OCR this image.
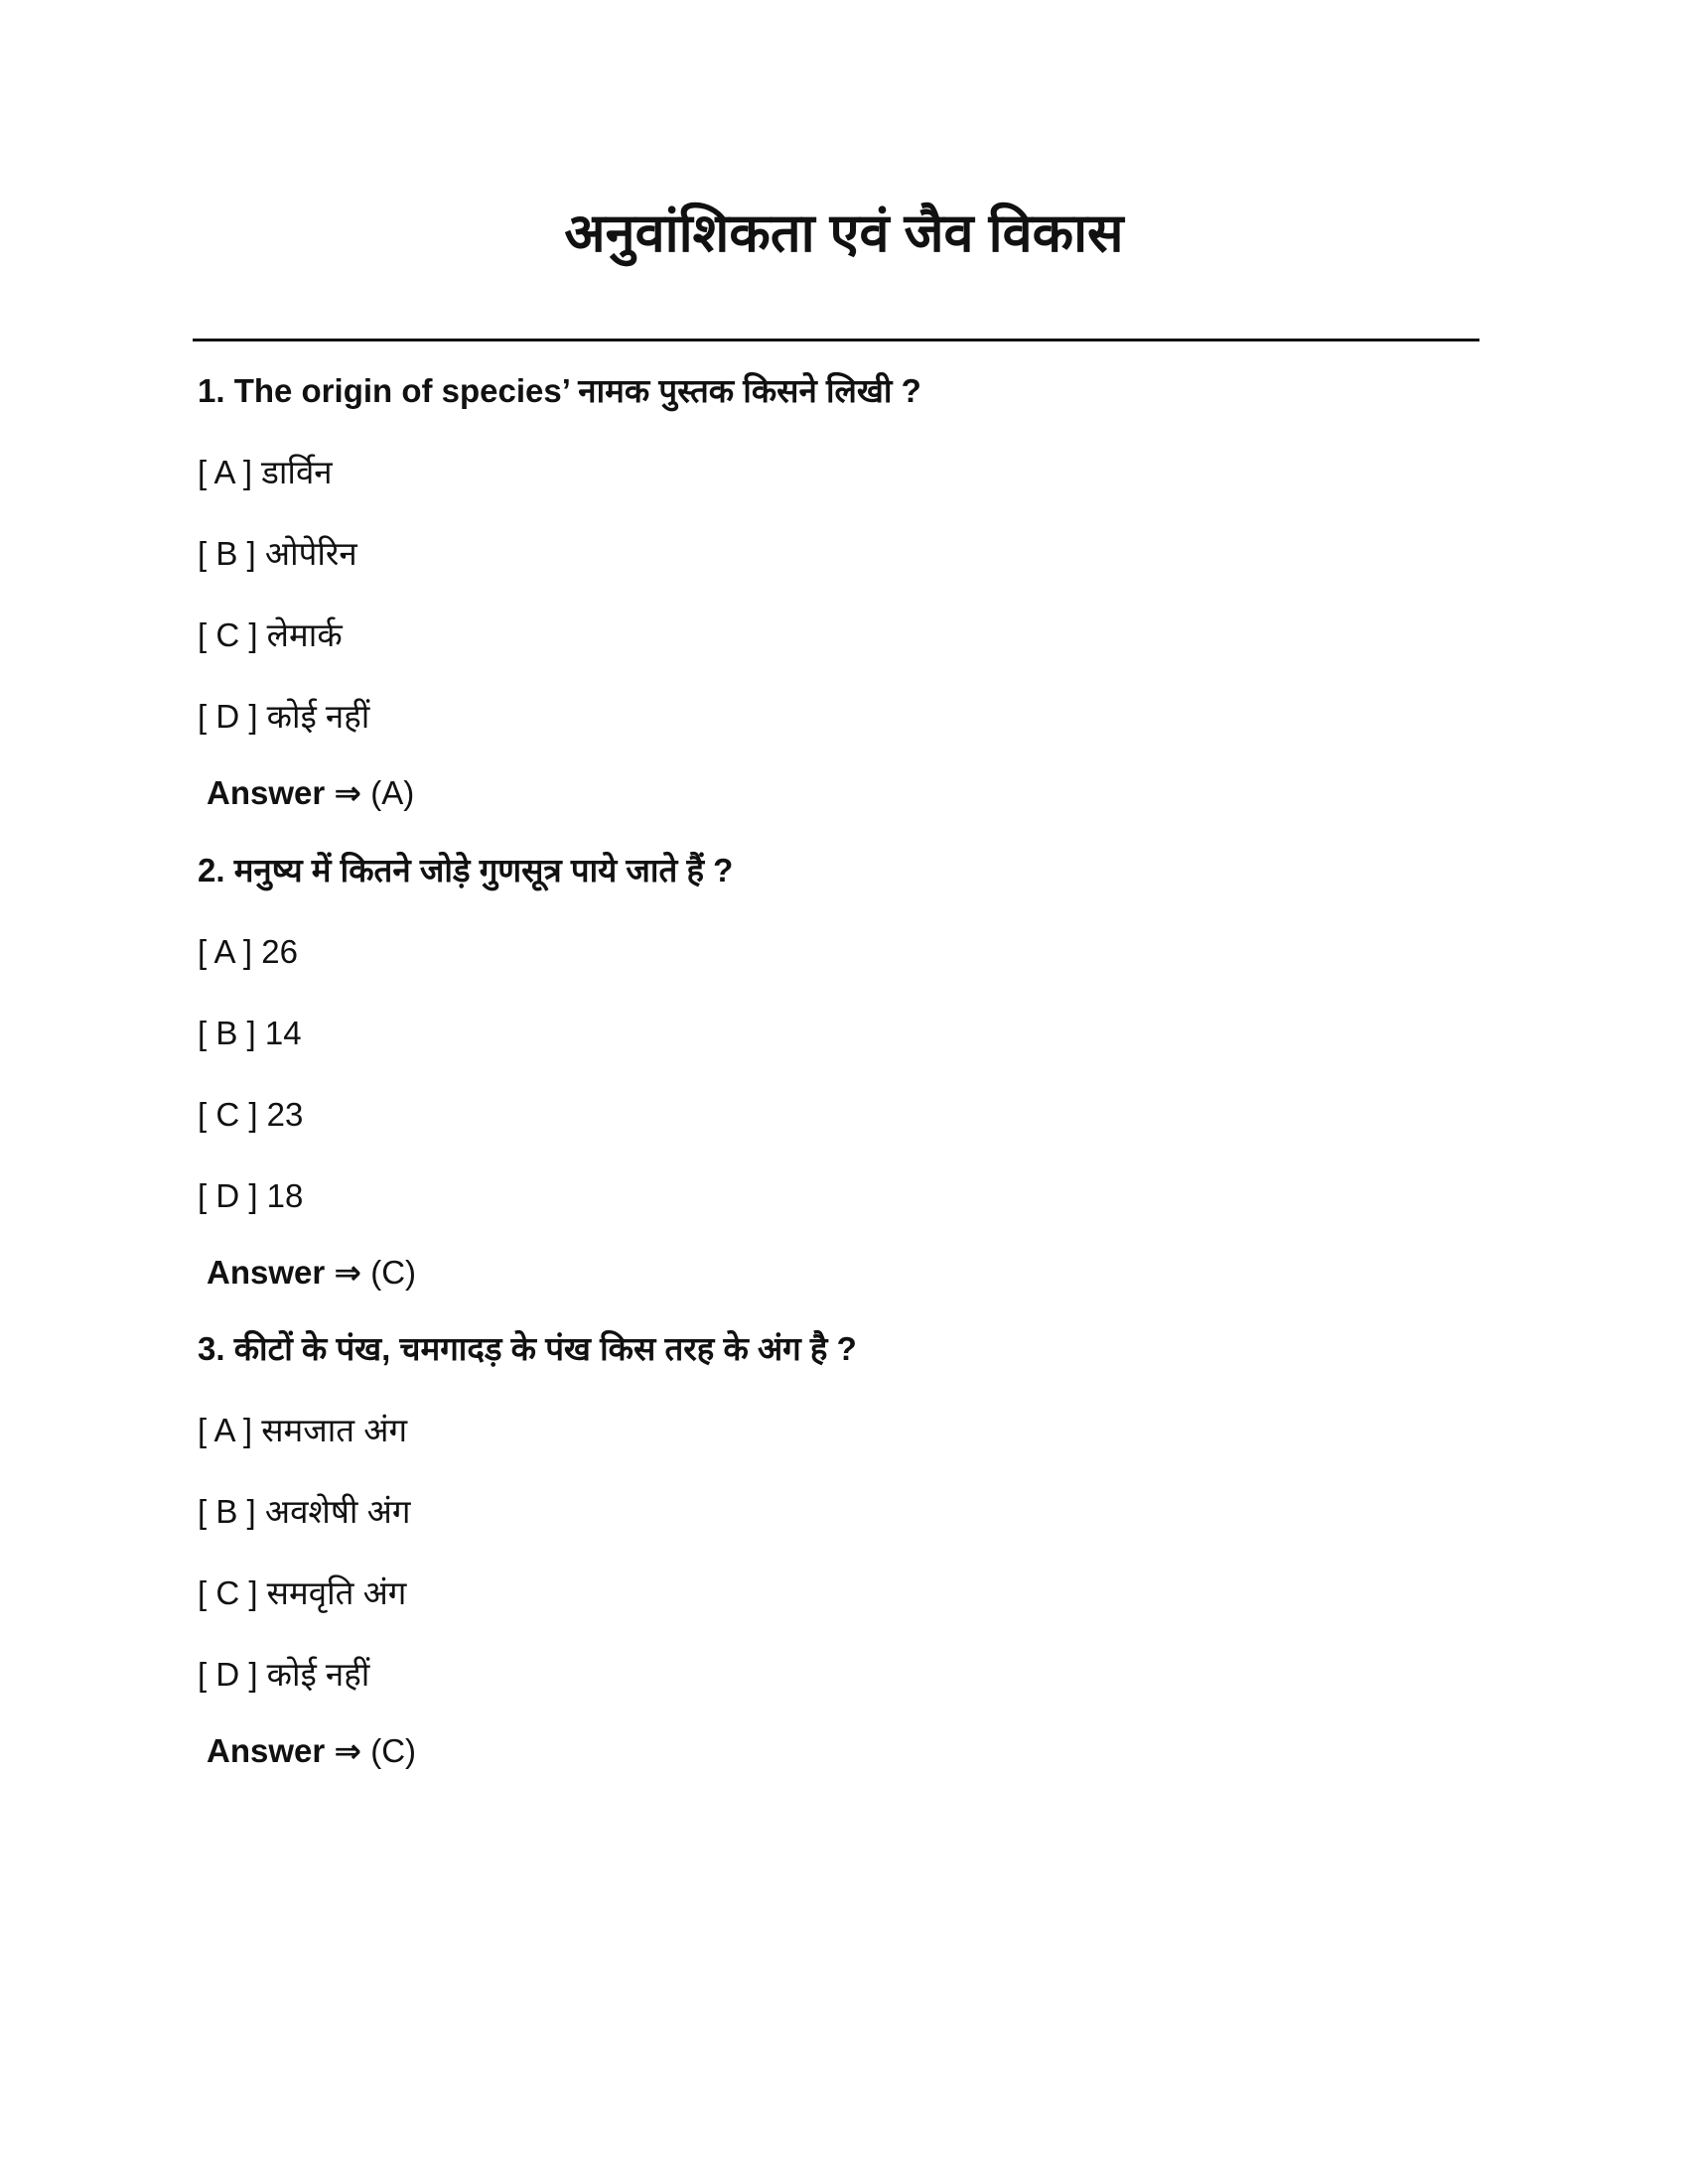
अनुवांशिकता एवं जैव विकास
1. The origin of species’ नामक पुस्तक किसने लिखी ?
[ A ] डार्विन
[ B ] ओपेरिन
[ C ] लेमार्क
[ D ] कोई नहीं
Answer ⇒ (A)
2. मनुष्य में कितने जोड़े गुणसूत्र पाये जाते हैं ?
[ A ] 26
[ B ] 14
[ C ] 23
[ D ] 18
Answer ⇒ (C)
3. कीटों के पंख, चमगादड़ के पंख किस तरह के अंग है ?
[ A ] समजात अंग
[ B ] अवशेषी अंग
[ C ] समवृति अंग
[ D ] कोई नहीं
Answer ⇒ (C)
